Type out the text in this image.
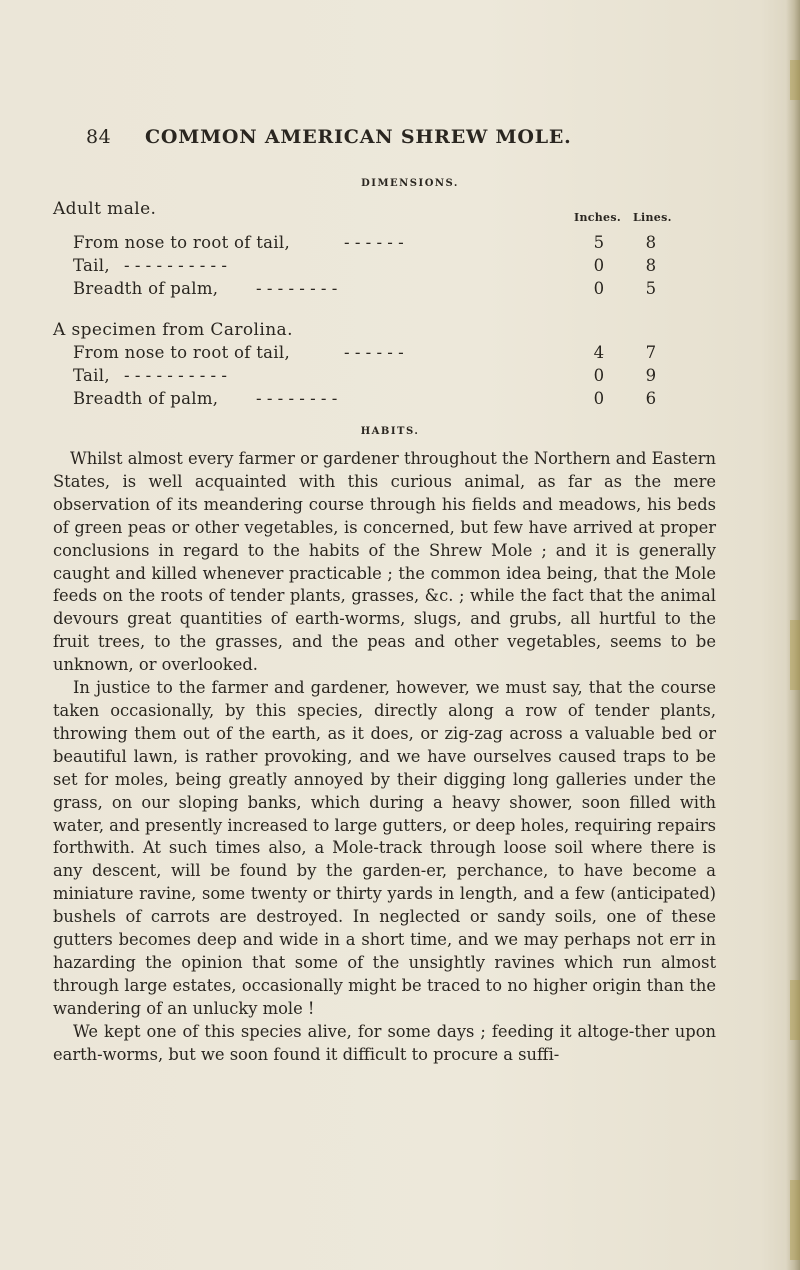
84 COMMON AMERICAN SHREW MOLE.
DIMENSIONS.
Adult male.	Inches. Lines.
From nose to root of tail,	- - - - - -	5 8
Tail, - - - - - - - - - -	0 8
Breadth of palm, - - - - - - - -	0 5
A specimen from Carolina.
From nose to root of tail,	- - - - - -	4 7
Tail, - - - - - - - - - -	0 9
Breadth of palm, - - - - - - - -	0 6
HABITS.

Whilst almost every farmer or gardener throughout the Northern and Eastern States, is well acquainted with this curious animal, as far as the mere observation of its meandering course through his fields and meadows, his beds of green peas or other vegetables, is concerned, but few have arrived at proper conclusions in regard to the habits of the Shrew Mole ; and it is generally caught and killed whenever practicable ; the common idea being, that the Mole feeds on the roots of tender plants, grasses, &c. ; while the fact that the animal devours great quantities of earth-worms, slugs, and grubs, all hurtful to the fruit trees, to the grasses, and the peas and other vegetables, seems to be unknown, or overlooked.

In justice to the farmer and gardener, however, we must say, that the course taken occasionally, by this species, directly along a row of tender plants, throwing them out of the earth, as it does, or zig-zag across a valuable bed or beautiful lawn, is rather provoking, and we have ourselves caused traps to be set for moles, being greatly annoyed by their digging long galleries under the grass, on our sloping banks, which during a heavy shower, soon filled with water, and presently increased to large gutters, or deep holes, requiring repairs forthwith. At such times also, a Mole-track through loose soil where there is any descent, will be found by the garden-er, perchance, to have become a miniature ravine, some twenty or thirty yards in length, and a few (anticipated) bushels of carrots are destroyed. In neglected or sandy soils, one of these gutters becomes deep and wide in a short time, and we may perhaps not err in hazarding the opinion that some of the unsightly ravines which run almost through large estates, occasionally might be traced to no higher origin than the wandering of an unlucky mole !

We kept one of this species alive, for some days ; feeding it altoge-ther upon earth-worms, but we soon found it difficult to procure a suffi-
